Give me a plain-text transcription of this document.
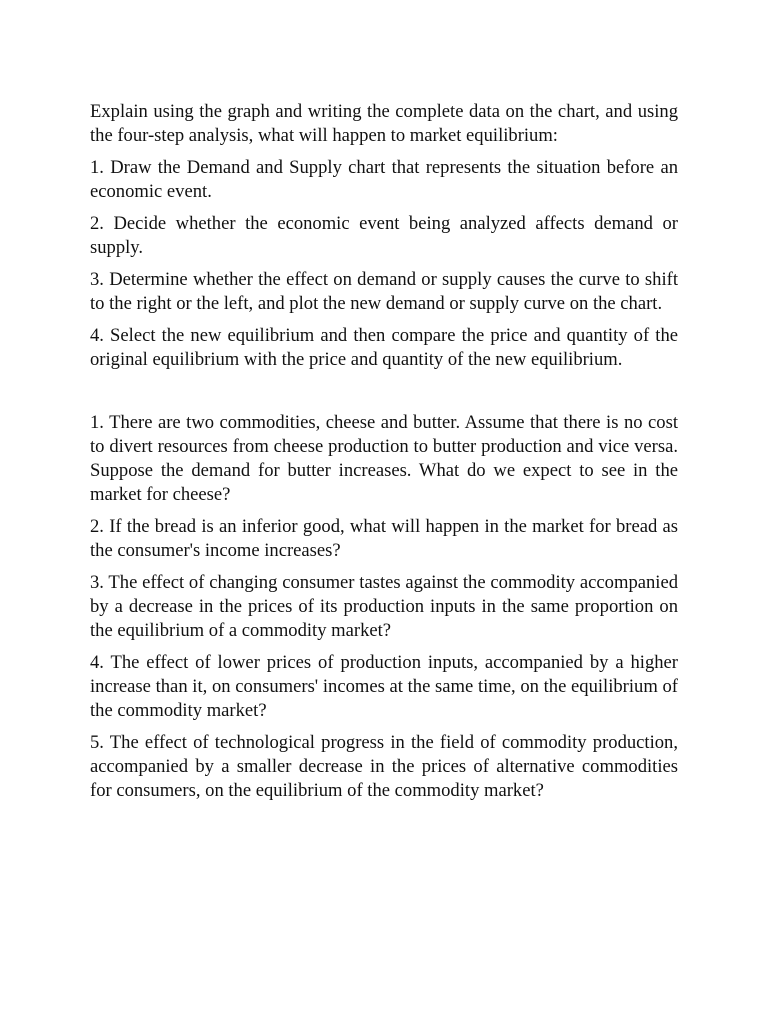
Explain using the graph and writing the complete data on the chart, and using the four-step analysis, what will happen to market equilibrium:

1. Draw the Demand and Supply chart that represents the situation before an economic event.

2. Decide whether the economic event being analyzed affects demand or supply.

3. Determine whether the effect on demand or supply causes the curve to shift to the right or the left, and plot the new demand or supply curve on the chart.

4. Select the new equilibrium and then compare the price and quantity of the original equilibrium with the price and quantity of the new equilibrium.

1. There are two commodities, cheese and butter. Assume that there is no cost to divert resources from cheese production to butter production and vice versa. Suppose the demand for butter increases. What do we expect to see in the market for cheese?

2. If the bread is an inferior good, what will happen in the market for bread as the consumer's income increases?

3. The effect of changing consumer tastes against the commodity accompanied by a decrease in the prices of its production inputs in the same proportion on the equilibrium of a commodity market?

4. The effect of lower prices of production inputs, accompanied by a higher increase than it, on consumers' incomes at the same time, on the equilibrium of the commodity market?

5. The effect of technological progress in the field of commodity production, accompanied by a smaller decrease in the prices of alternative commodities for consumers, on the equilibrium of the commodity market?
